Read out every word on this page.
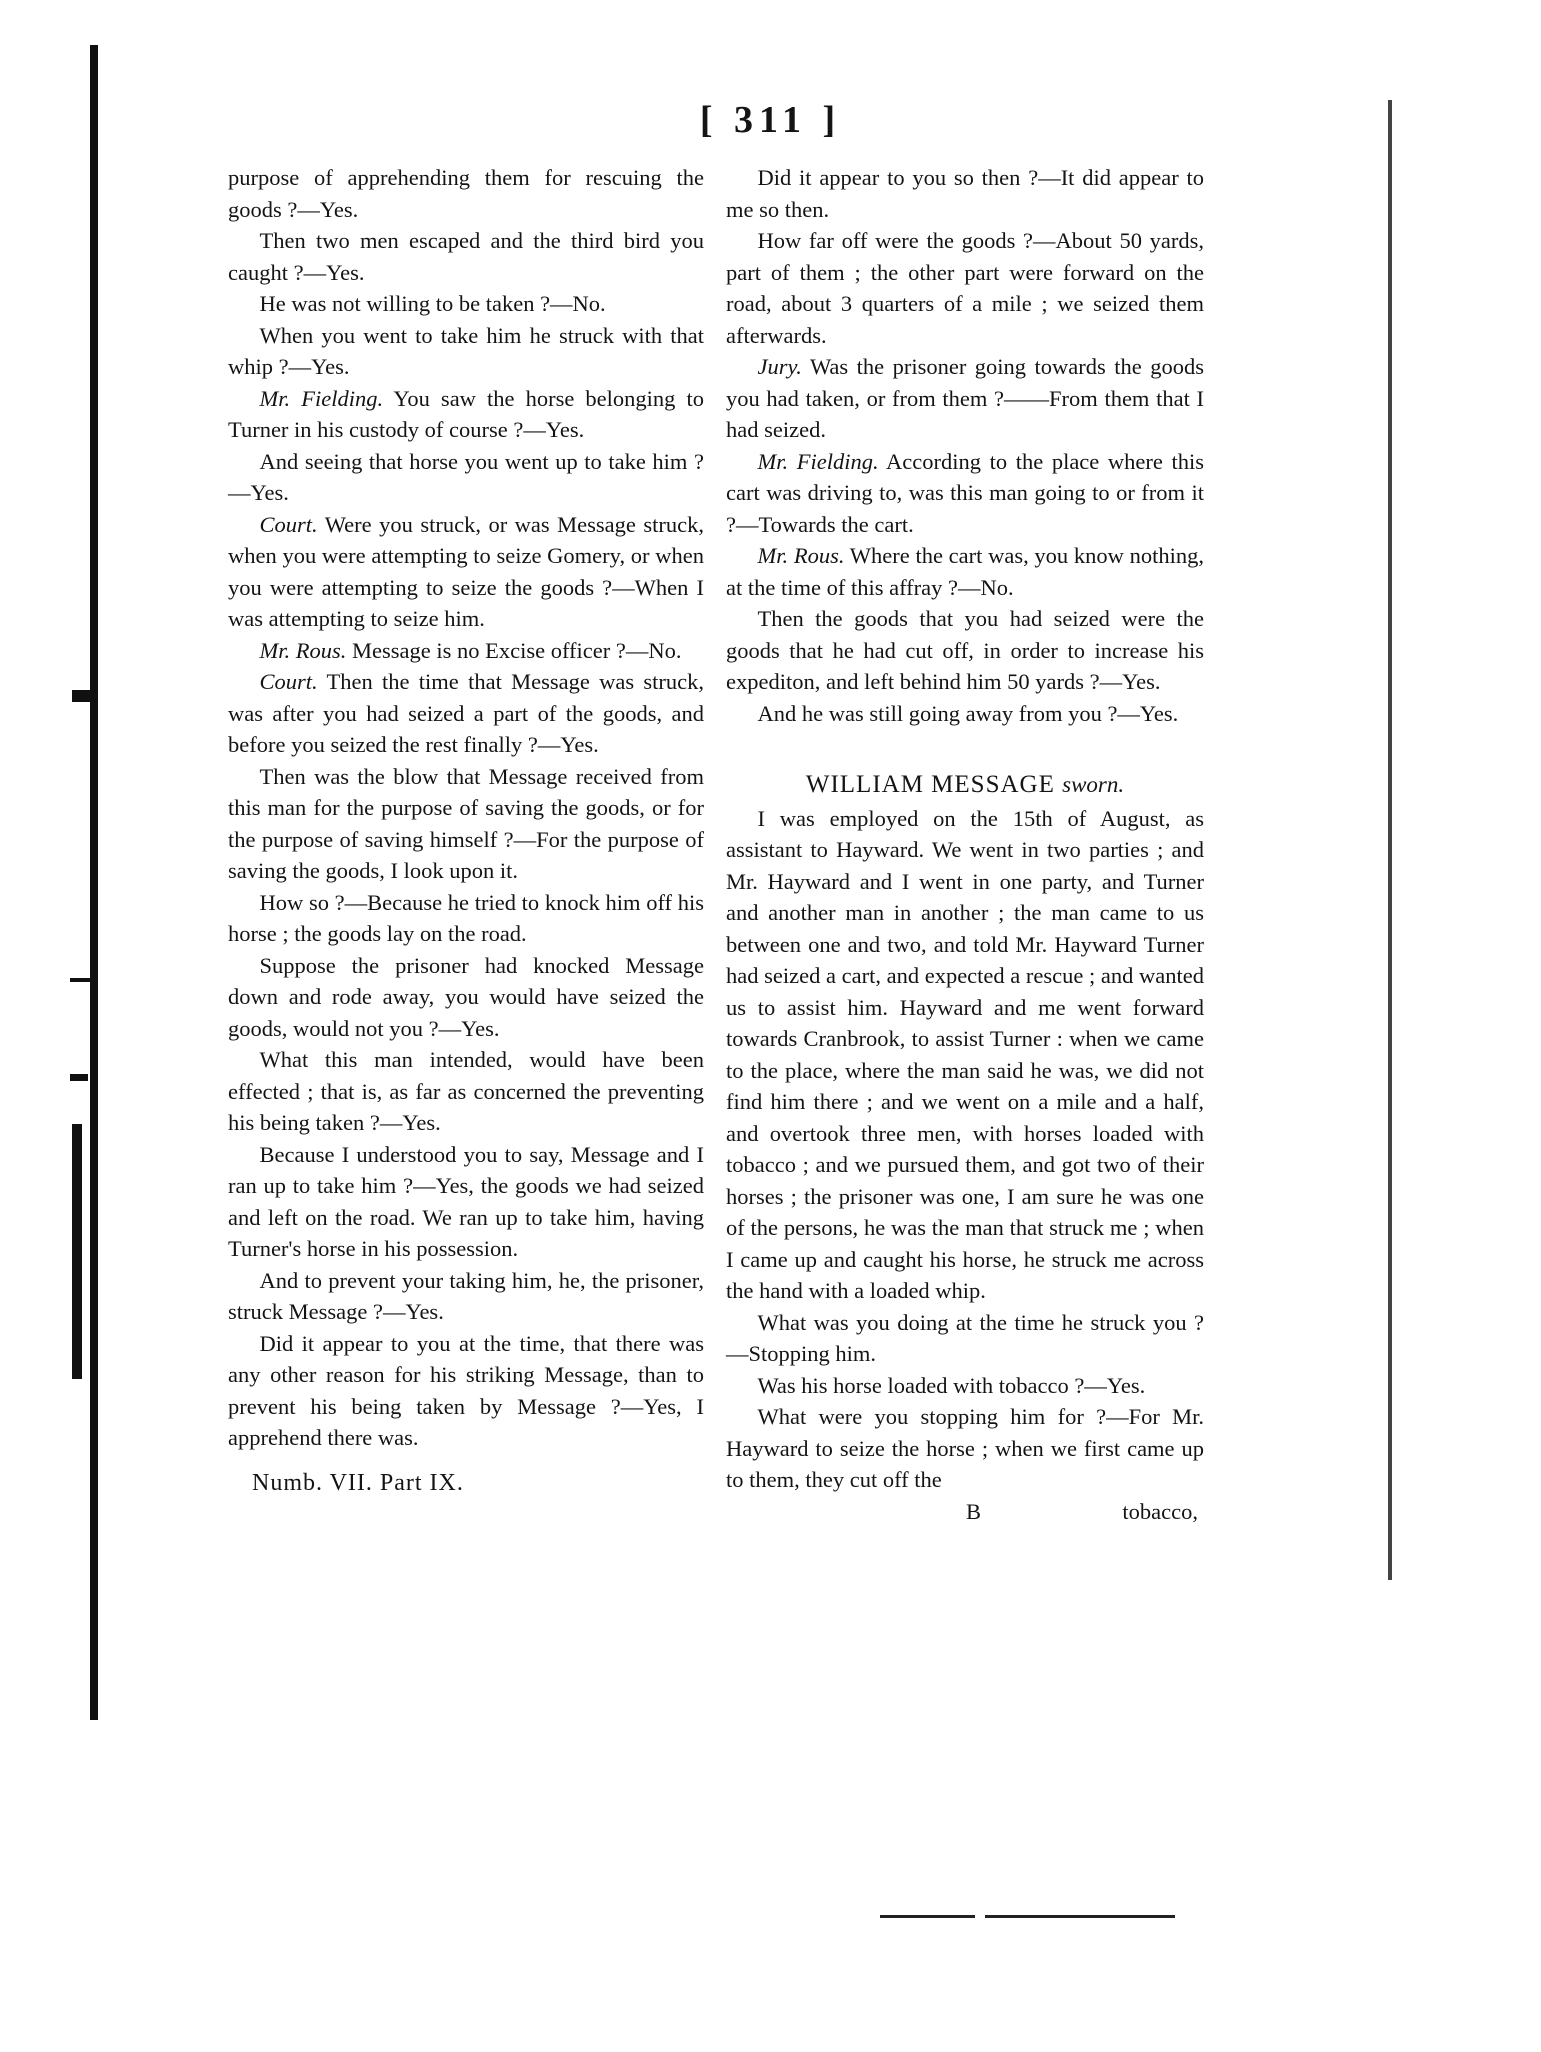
[ 311 ]

purpose of apprehending them for rescuing the goods ?—Yes.

Then two men escaped and the third bird you caught ?—Yes.

He was not willing to be taken ?—No.

When you went to take him he struck with that whip ?—Yes.

Mr. Fielding. You saw the horse belonging to Turner in his custody of course ?—Yes.

And seeing that horse you went up to take him ?—Yes.

Court. Were you struck, or was Message struck, when you were attempting to seize Gomery, or when you were attempting to seize the goods ?—When I was attempting to seize him.

Mr. Rous. Message is no Excise officer ?—No.

Court. Then the time that Message was struck, was after you had seized a part of the goods, and before you seized the rest finally ?—Yes.

Then was the blow that Message received from this man for the purpose of saving the goods, or for the purpose of saving himself ?—For the purpose of saving the goods, I look upon it.

How so ?—Because he tried to knock him off his horse ; the goods lay on the road.

Suppose the prisoner had knocked Message down and rode away, you would have seized the goods, would not you ?—Yes.

What this man intended, would have been effected ; that is, as far as concerned the preventing his being taken ?—Yes.

Because I understood you to say, Message and I ran up to take him ?—Yes, the goods we had seized and left on the road. We ran up to take him, having Turner's horse in his possession.

And to prevent your taking him, he, the prisoner, struck Message ?—Yes.

Did it appear to you at the time, that there was any other reason for his striking Message, than to prevent his being taken by Message ?—Yes, I apprehend there was.

Numb. VII. Part IX.

Did it appear to you so then ?—It did appear to me so then.

How far off were the goods ?—About 50 yards, part of them ; the other part were forward on the road, about 3 quarters of a mile ; we seized them afterwards.

Jury. Was the prisoner going towards the goods you had taken, or from them ?——From them that I had seized.

Mr. Fielding. According to the place where this cart was driving to, was this man going to or from it ?—Towards the cart.

Mr. Rous. Where the cart was, you know nothing, at the time of this affray ?—No.

Then the goods that you had seized were the goods that he had cut off, in order to increase his expediton, and left behind him 50 yards ?—Yes.

And he was still going away from you ?—Yes.

WILLIAM MESSAGE sworn.

I was employed on the 15th of August, as assistant to Hayward. We went in two parties ; and Mr. Hayward and I went in one party, and Turner and another man in another ; the man came to us between one and two, and told Mr. Hayward Turner had seized a cart, and expected a rescue ; and wanted us to assist him. Hayward and me went forward towards Cranbrook, to assist Turner : when we came to the place, where the man said he was, we did not find him there ; and we went on a mile and a half, and overtook three men, with horses loaded with tobacco ; and we pursued them, and got two of their horses ; the prisoner was one, I am sure he was one of the persons, he was the man that struck me ; when I came up and caught his horse, he struck me across the hand with a loaded whip.

What was you doing at the time he struck you ?—Stopping him.

Was his horse loaded with tobacco ?—Yes.

What were you stopping him for ?—For Mr. Hayward to seize the horse ; when we first came up to them, they cut off the

B	tobacco,
